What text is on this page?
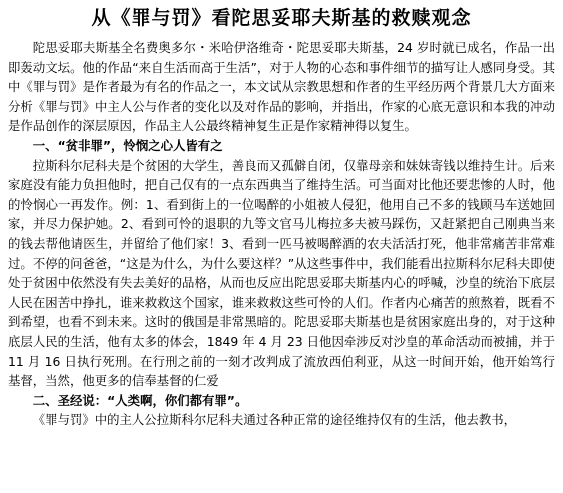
从《罪与罚》看陀思妥耶夫斯基的救赎观念

陀思妥耶夫斯基全名费奥多尔・米哈伊洛维奇・陀思妥耶夫斯基，24 岁时就已成名，作品一出即轰动文坛。他的作品“来自生活而高于生活”，对于人物的心态和事件细节的描写让人感同身受。其中《罪与罚》是作者最为有名的作品之一，本文试从宗教思想和作者的生平经历两个背景几大方面来分析《罪与罚》中主人公与作者的变化以及对作品的影响，并指出，作家的心底无意识和本我的冲动是作品创作的深层原因，作品主人公最终精神复生正是作家精神得以复生。

一、“贫非罪”，怜悯之心人皆有之

拉斯科尔尼科夫是个贫困的大学生，善良而又孤僻自闭，仅靠母亲和妹妹寄钱以维持生计。后来家庭没有能力负担他时，把自己仅有的一点东西典当了维持生活。可当面对比他还要悲惨的人时，他的怜悯心一再发作。例：1、看到街上的一位喝醉的小姐被人侵犯，他用自己不多的钱顾马车送她回家，并尽力保护她。2、看到可怜的退职的九等文官马儿梅拉多夫被马踩伤，又赶紧把自己刚典当来的钱去帮他请医生，并留给了他们家！3、看到一匹马被喝醉酒的农夫活活打死，他非常痛苦非常难过。不停的问爸爸，“这是为什么，为什么要这样？”从这些事件中，我们能看出拉斯科尔尼科夫即使处于贫困中依然没有失去美好的品格，从而也反应出陀思妥耶夫斯基内心的呼喊，沙皇的统治下底层人民在困苦中挣扎，谁来救救这个国家，谁来救救这些可怜的人们。作者内心痛苦的煎熬着，既看不到希望，也看不到未来。这时的俄国是非常黑暗的。陀思妥耶夫斯基也是贫困家庭出身的，对于这种底层人民的生活，他有太多的体会，1849 年 4 月 23 日他因牵涉反对沙皇的革命活动而被捕，并于 11 月 16 日执行死刑。在行刑之前的一刻才改判成了流放西伯利亚，从这一时间开始，他开始笃行基督，当然，他更多的信奉基督的仁爱

二、圣经说：“人类啊，你们都有罪”。

《罪与罚》中的主人公拉斯科尔尼科夫通过各种正常的途径维持仅有的生活，他去教书，
